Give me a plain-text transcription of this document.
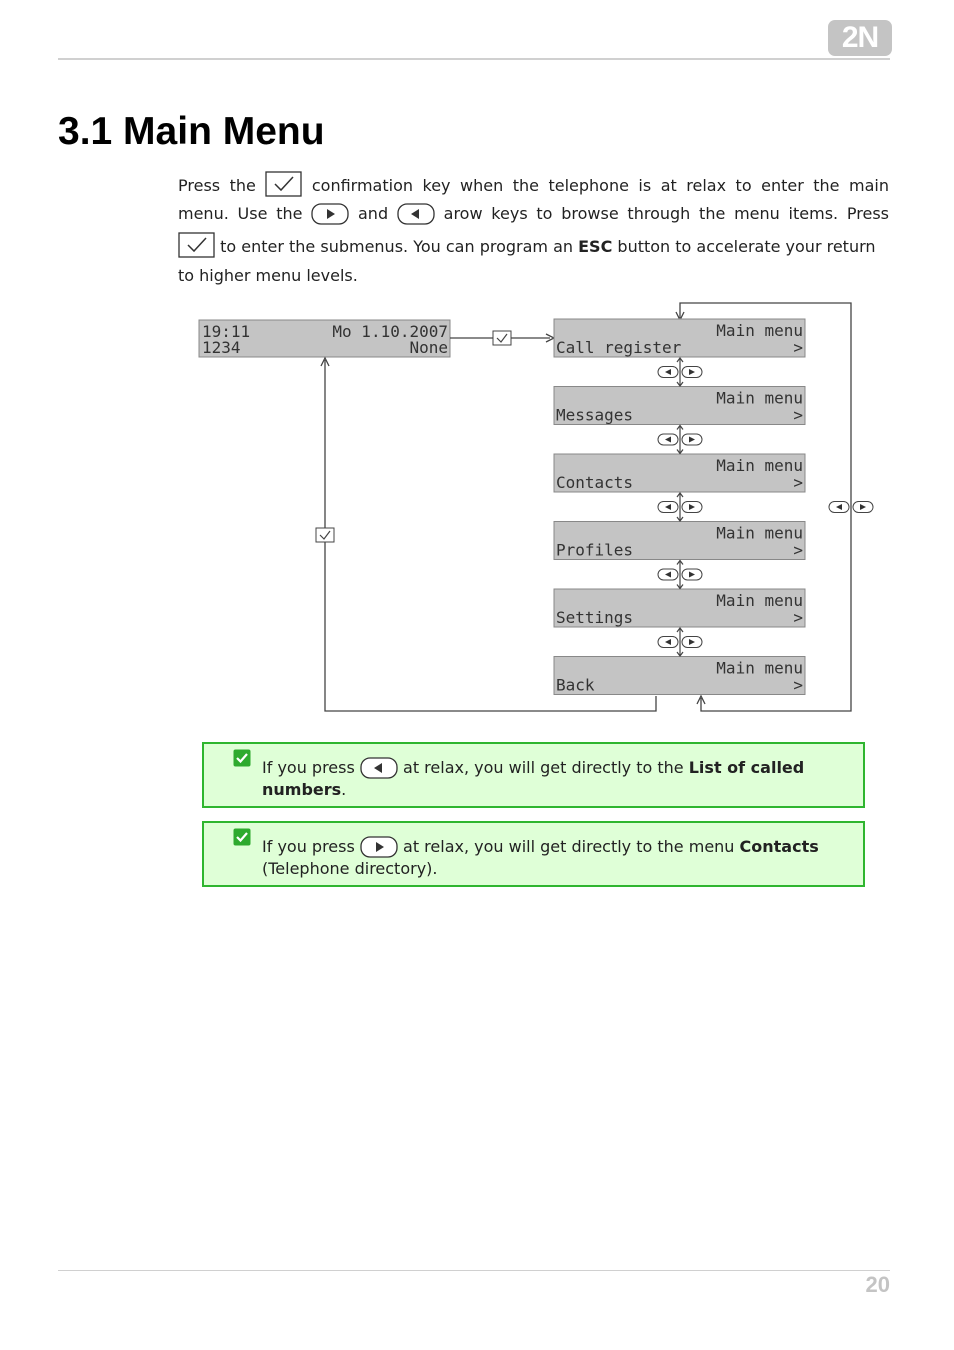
2N
3.1 Main Menu
Press the	confirmation key when the telephone is at relax to enter the main
menu. Use the	and	arow keys to browse through the menu items. Press
to enter the submenus. You can program an ESC button to accelerate your return
to higher menu levels.
19:11	Mo 1.10.2007
1234	None
Main menu
Call register	>
Main menu
Messages	>
Main menu
Contacts	>
Main menu
Profiles	>
Main menu
Settings	>
Main menu
Back	>
If you press	at relax, you will get directly to the List of called numbers.
If you press	at relax, you will get directly to the menu Contacts (Telephone directory).
20
